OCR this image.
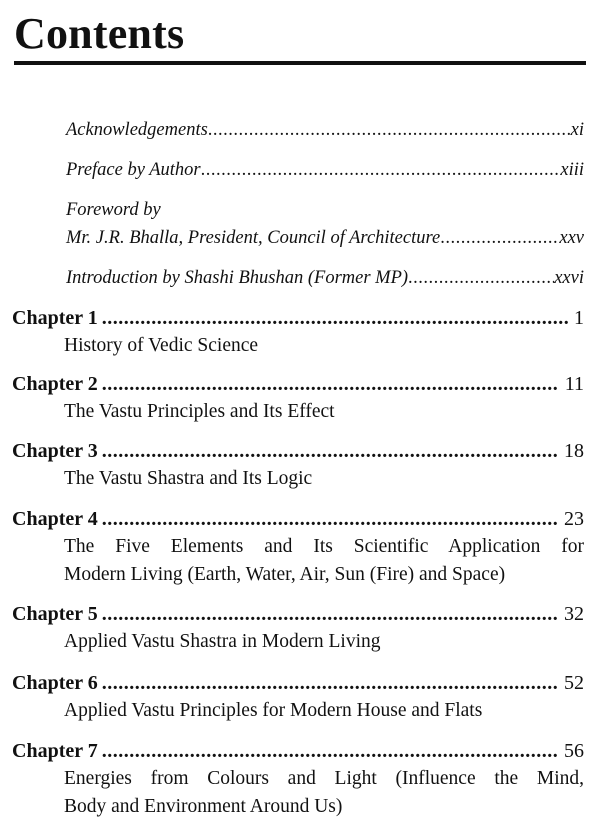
Contents
Acknowledgements .....	xi
Preface by Author .....	xiii
Foreword by
Mr. J.R. Bhalla, President, Council of Architecture .....	xxv
Introduction by Shashi Bhushan (Former MP) .....	xxvi
Chapter 1 .....	1
History of Vedic Science
Chapter 2 .....	11
The Vastu Principles and Its Effect
Chapter 3 .....	18
The Vastu Shastra and Its Logic
Chapter 4 .....	23
The Five Elements and Its Scientific Application for
Modern Living (Earth, Water, Air, Sun (Fire) and Space)
Chapter 5 .....	32
Applied Vastu Shastra in Modern Living
Chapter 6 .....	52
Applied Vastu Principles for Modern House and Flats
Chapter 7 .....	56
Energies from Colours and Light (Influence the Mind,
Body and Environment Around Us)
